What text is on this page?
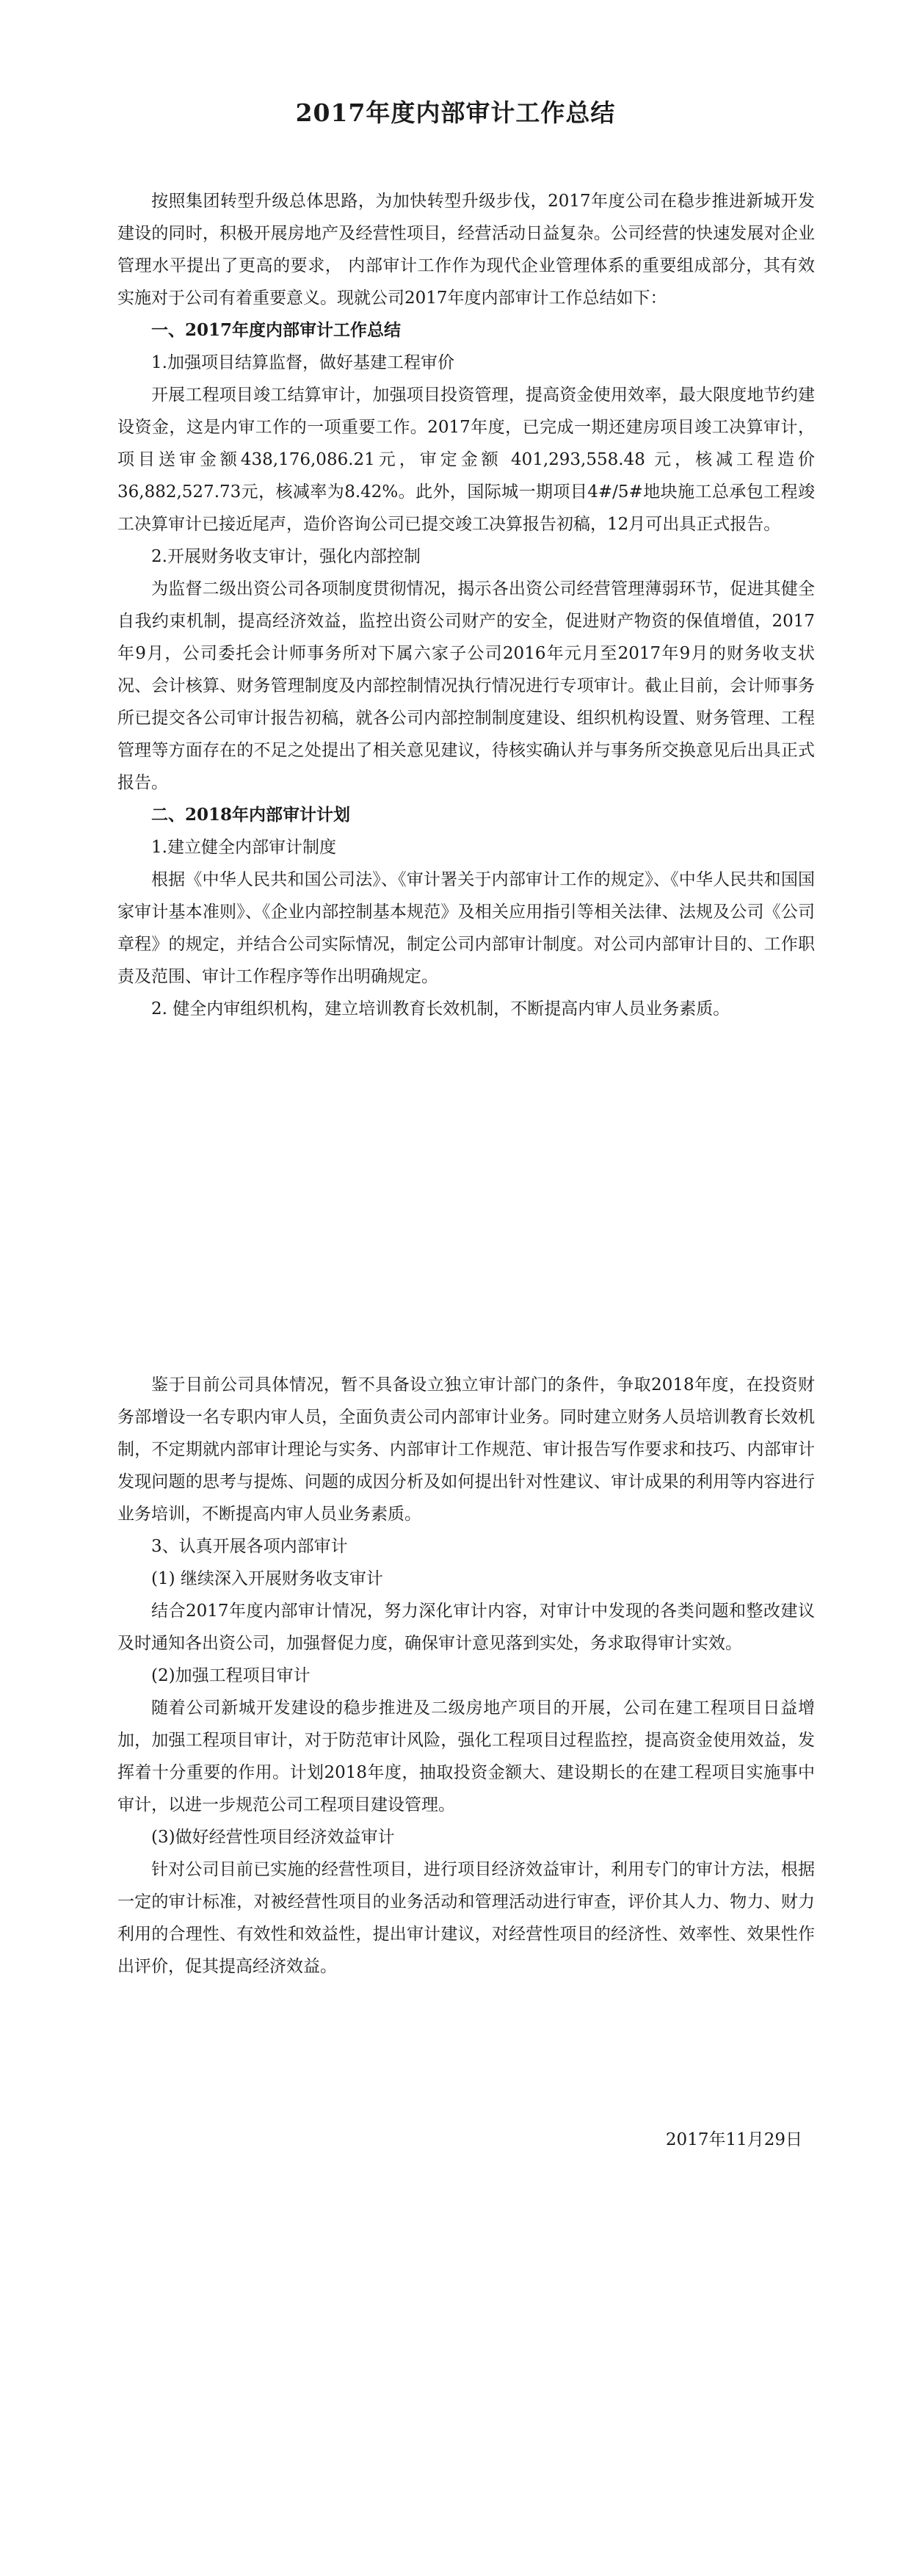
2017年度内部审计工作总结

按照集团转型升级总体思路，为加快转型升级步伐，2017年度公司在稳步推进新城开发建设的同时，积极开展房地产及经营性项目，经营活动日益复杂。公司经营的快速发展对企业管理水平提出了更高的要求， 内部审计工作作为现代企业管理体系的重要组成部分，其有效实施对于公司有着重要意义。现就公司2017年度内部审计工作总结如下：

一、2017年度内部审计工作总结

1.加强项目结算监督，做好基建工程审价

开展工程项目竣工结算审计，加强项目投资管理，提高资金使用效率，最大限度地节约建设资金，这是内审工作的一项重要工作。2017年度，已完成一期还建房项目竣工决算审计，项目送审金额438,176,086.21元，审定金额 401,293,558.48 元，核减工程造价36,882,527.73元，核减率为8.42%。此外，国际城一期项目4#/5#地块施工总承包工程竣工决算审计已接近尾声，造价咨询公司已提交竣工决算报告初稿，12月可出具正式报告。

2.开展财务收支审计，强化内部控制

为监督二级出资公司各项制度贯彻情况，揭示各出资公司经营管理薄弱环节，促进其健全自我约束机制，提高经济效益，监控出资公司财产的安全，促进财产物资的保值增值，2017年9月，公司委托会计师事务所对下属六家子公司2016年元月至2017年9月的财务收支状况、会计核算、财务管理制度及内部控制情况执行情况进行专项审计。截止目前，会计师事务所已提交各公司审计报告初稿，就各公司内部控制制度建设、组织机构设置、财务管理、工程管理等方面存在的不足之处提出了相关意见建议，待核实确认并与事务所交换意见后出具正式报告。

二、2018年内部审计计划

1.建立健全内部审计制度

根据《中华人民共和国公司法》、《审计署关于内部审计工作的规定》、《中华人民共和国国家审计基本准则》、《企业内部控制基本规范》及相关应用指引等相关法律、法规及公司《公司章程》的规定，并结合公司实际情况，制定公司内部审计制度。对公司内部审计目的、工作职责及范围、审计工作程序等作出明确规定。

2. 健全内审组织机构，建立培训教育长效机制，不断提高内审人员业务素质。

鉴于目前公司具体情况，暂不具备设立独立审计部门的条件，争取2018年度，在投资财务部增设一名专职内审人员，全面负责公司内部审计业务。同时建立财务人员培训教育长效机制，不定期就内部审计理论与实务、内部审计工作规范、审计报告写作要求和技巧、内部审计发现问题的思考与提炼、问题的成因分析及如何提出针对性建议、审计成果的利用等内容进行业务培训，不断提高内审人员业务素质。

3、认真开展各项内部审计

(1) 继续深入开展财务收支审计

结合2017年度内部审计情况，努力深化审计内容，对审计中发现的各类问题和整改建议及时通知各出资公司，加强督促力度，确保审计意见落到实处，务求取得审计实效。

(2)加强工程项目审计

随着公司新城开发建设的稳步推进及二级房地产项目的开展，公司在建工程项目日益增加，加强工程项目审计，对于防范审计风险，强化工程项目过程监控，提高资金使用效益，发挥着十分重要的作用。计划2018年度，抽取投资金额大、建设期长的在建工程项目实施事中审计，以进一步规范公司工程项目建设管理。

(3)做好经营性项目经济效益审计

针对公司目前已实施的经营性项目，进行项目经济效益审计，利用专门的审计方法，根据一定的审计标准，对被经营性项目的业务活动和管理活动进行审查，评价其人力、物力、财力利用的合理性、有效性和效益性，提出审计建议，对经营性项目的经济性、效率性、效果性作出评价，促其提高经济效益。

2017年11月29日
